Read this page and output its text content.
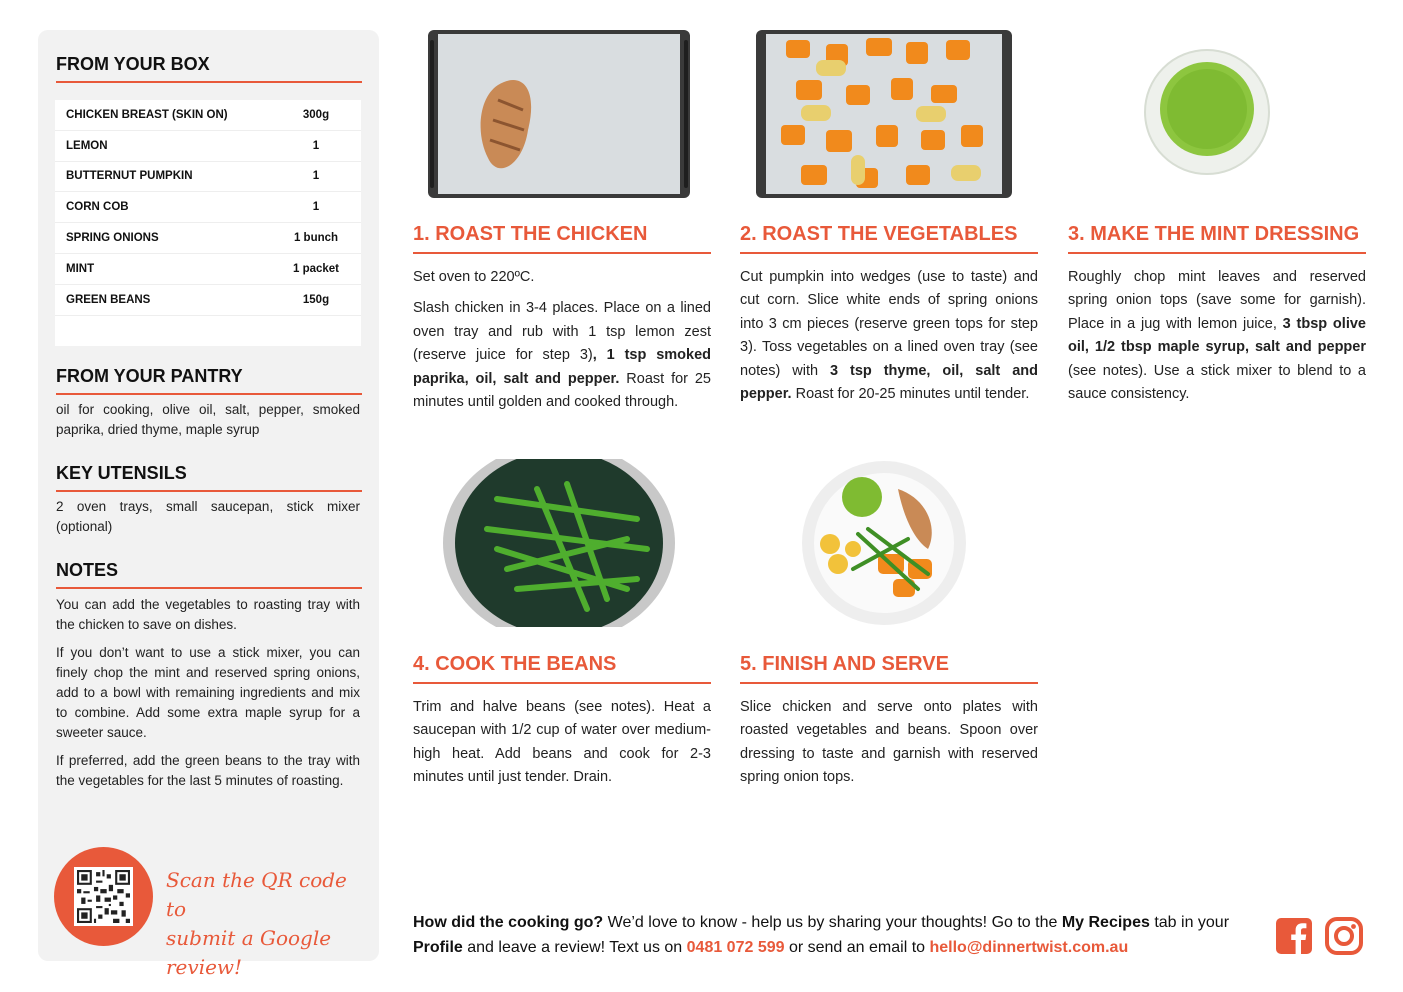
FROM YOUR BOX
CHICKEN BREAST (SKIN ON)	300g
LEMON	1
BUTTERNUT PUMPKIN	1
CORN COB	1
SPRING ONIONS	1 bunch
MINT	1 packet
GREEN BEANS	150g
FROM YOUR PANTRY
oil for cooking, olive oil, salt, pepper, smoked paprika, dried thyme, maple syrup
KEY UTENSILS
2 oven trays, small saucepan, stick mixer (optional)
NOTES

You can add the vegetables to roasting tray with the chicken to save on dishes.

If you don’t want to use a stick mixer, you can finely chop the mint and reserved spring onions, add to a bowl with remaining ingredients and mix to combine. Add some extra maple syrup for a sweeter sauce.

If preferred, add the green beans to the tray with the vegetables for the last 5 minutes of roasting.

Scan the QR code to
submit a Google review!
1. ROAST THE CHICKEN

Set oven to 220ºC.

Slash chicken in 3-4 places. Place on a lined oven tray and rub with 1 tsp lemon zest (reserve juice for step 3), 1 tsp smoked paprika, oil, salt and pepper. Roast for 25 minutes until golden and cooked through.

2. ROAST THE VEGETABLES

Cut pumpkin into wedges (use to taste) and cut corn. Slice white ends of spring onions into 3 cm pieces (reserve green tops for step 3). Toss vegetables on a lined oven tray (see notes) with 3 tsp thyme, oil, salt and pepper. Roast for 20-25 minutes until tender.

3. MAKE THE MINT DRESSING

Roughly chop mint leaves and reserved spring onion tops (save some for garnish). Place in a jug with lemon juice, 3 tbsp olive oil, 1/2 tbsp maple syrup, salt and pepper (see notes). Use a stick mixer to blend to a sauce consistency.

4. COOK THE BEANS

Trim and halve beans (see notes). Heat a saucepan with 1/2 cup of water over medium-high heat. Add beans and cook for 2-3 minutes until just tender. Drain.

5. FINISH AND SERVE

Slice chicken and serve onto plates with roasted vegetables and beans. Spoon over dressing to taste and garnish with reserved spring onion tops.

How did the cooking go? We’d love to know - help us by sharing your thoughts! Go to the My Recipes tab in your Profile and leave a review! Text us on 0481 072 599 or send an email to hello@dinnertwist.com.au
